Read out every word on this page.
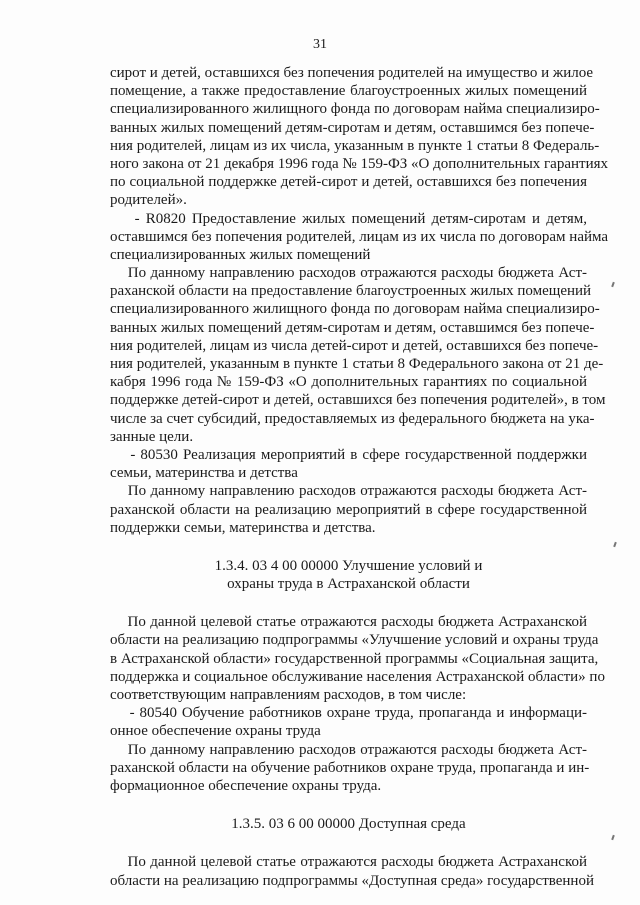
31
сирот и детей, оставшихся без попечения родителей на имущество и жилое
помещение, а также предоставление благоустроенных жилых помещений
специализированного жилищного фонда по договорам найма специализиро-
ванных жилых помещений детям-сиротам и детям, оставшимся без попече-
ния родителей, лицам из их числа, указанным в пункте 1 статьи 8 Федераль-
ного закона от 21 декабря 1996 года № 159-ФЗ «О дополнительных гарантиях
по социальной поддержке детей-сирот и детей, оставшихся без попечения
родителей».
- R0820 Предоставление жилых помещений детям-сиротам и детям,
оставшимся без попечения родителей, лицам из их числа по договорам найма
специализированных жилых помещений
По данному направлению расходов отражаются расходы бюджета Аст-
раханской области на предоставление благоустроенных жилых помещений
специализированного жилищного фонда по договорам найма специализиро-
ванных жилых помещений детям-сиротам и детям, оставшимся без попече-
ния родителей, лицам из числа детей-сирот и детей, оставшихся без попече-
ния родителей, указанным в пункте 1 статьи 8 Федерального закона от 21 де-
кабря 1996 года № 159-ФЗ «О дополнительных гарантиях по социальной
поддержке детей-сирот и детей, оставшихся без попечения родителей», в том
числе за счет субсидий, предоставляемых из федерального бюджета на ука-
занные цели.
- 80530 Реализация мероприятий в сфере государственной поддержки
семьи, материнства и детства
По данному направлению расходов отражаются расходы бюджета Аст-
раханской области на реализацию мероприятий в сфере государственной
поддержки семьи, материнства и детства.
1.3.4. 03 4 00 00000 Улучшение условий и
охраны труда в Астраханской области
По данной целевой статье отражаются расходы бюджета Астраханской
области на реализацию подпрограммы «Улучшение условий и охраны труда
в Астраханской области» государственной программы «Социальная защита,
поддержка и социальное обслуживание населения Астраханской области» по
соответствующим направлениям расходов, в том числе:
- 80540 Обучение работников охране труда, пропаганда и информаци-
онное обеспечение охраны труда
По данному направлению расходов отражаются расходы бюджета Аст-
раханской области на обучение работников охране труда, пропаганда и ин-
формационное обеспечение охраны труда.
1.3.5. 03 6 00 00000 Доступная среда
По данной целевой статье отражаются расходы бюджета Астраханской
области на реализацию подпрограммы «Доступная среда» государственной
